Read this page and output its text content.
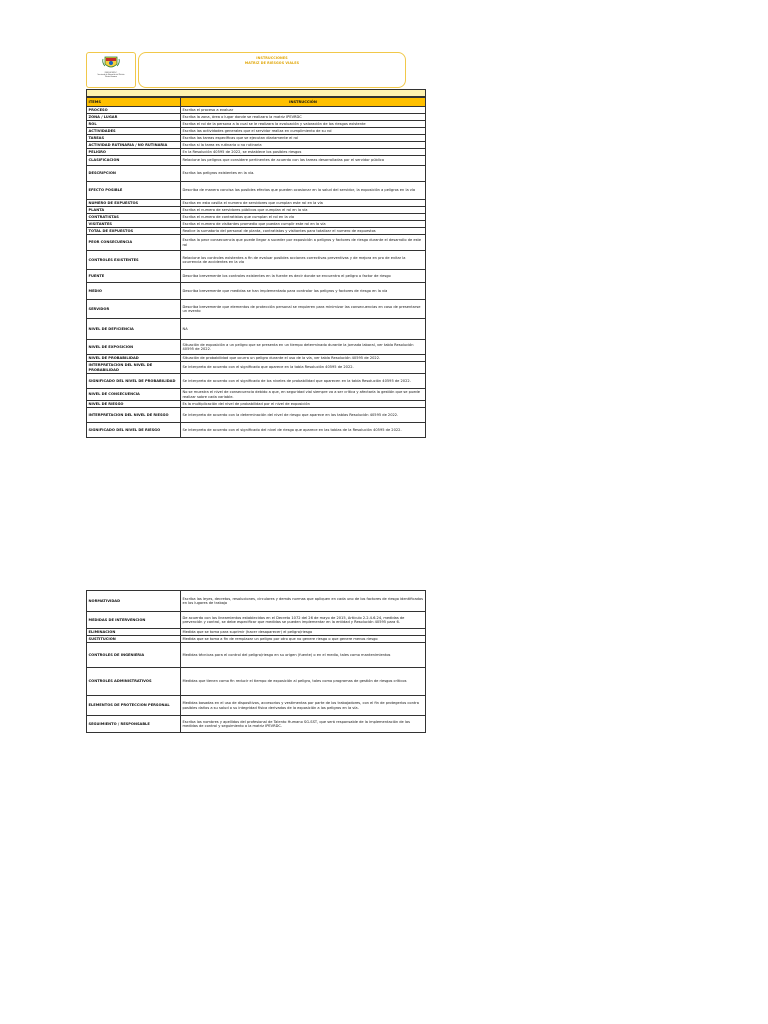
ALCALDÍA MAYOR
DE BOGOTÁ D.C.
Secretaría de Educación del Distrito
Talento Humano
INSTRUCCIONES
MATRIZ DE RIESGOS VIALES
ITEMS	INSTRUCCIÓN
PROCESO	Escriba el proceso a evaluar
ZONA / LUGAR	Escriba la zona, área o lugar donde se realizara la matriz IPEVRDC
ROL	Escriba el rol de la persona a la cual se le realizara la evaluación y valoración de los riesgos existente
ACTIVIDADES	Escriba las actividades generales que el servidor realiza en cumplimiento de su rol
TAREAS	Escriba las tareas específicas que se ejecutan diariamente el rol
ACTIVIDAD RUTINARIA / NO RUTINARIA	Escriba si la tarea es rutinaria o no rutinaria
PELIGRO	En la Resolución 40595 de 2022, se establece los posibles riesgos
CLASIFICACION	Relacione los peligros que considere pertinentes de acuerdo con las tareas desarrolladas por el servidor público
DESCRIPCION	Escriba los peligros existentes en la vía.
EFECTO POSIBLE	Describa de manera concisa los posibles efectos que pueden ocasionar en la salud del servidor, la exposición a peligros en la vía
NUMERO DE EXPUESTOS	Escriba en esta casilla el numero de servidores que cumplan este rol en la vía
PLANTA	Escriba el numero de servidores públicos que cumplan el rol en la vía
CONTRATISTAS	Escriba el numero de contratistas que cumplan el rol en la vía
VISITANTES	Escriba el numero de visitantes promedio que puedan cumplir este rol en la vía
TOTAL DE EXPUESTOS	Realice la sumatoria del personal de planta, contratistas y visitantes para totalizar el numero de expuestos
PEOR CONSECUENCIA	Escriba la peor consecuencia que puede llegar a suceder por exposición a peligros y factores de riesgo durante el desarrollo de este rol
CONTROLES EXISTENTES	Relacione los controles existentes a fin de evaluar posibles acciones correctivas preventivas y de mejora en pro de evitar la ocurrencia de accidentes en la vía
FUENTE	Describa brevemente los controles existentes en la fuente es decir donde se encuentra el peligro o factor de riesgo
MEDIO	Describa brevemente que medidas se han implementado para controlar los peligros y factores de riesgo en la vía
SERVIDOR	Describa brevemente que elementos de protección personal se requieren para minimizar las consecuencias en caso de presentarse un evento
NIVEL DE DEFICIENCIA	NA
NIVEL DE EXPOSICION	Situación de exposición a un peligro que se presenta en un tiempo determinado durante la jornada laboral, ver tabla Resolución 40595 de 2022.
NIVEL DE PROBABILIDAD	Situación de probabilidad que ocurra un peligro durante el uso de la vía, ver tabla Resolución 40595 de 2022.
INTERPRETACION DEL NIVEL DE PROBABILIDAD	Se interpreta de acuerdo con el significado que aparece en la tabla Resolución 40595 de 2022.
SIGNIFICADO DEL NIVEL DE PROBABILIDAD	Se interpreta de acuerdo con el significado de los niveles de probabilidad que aparecen en la tabla Resolución 40595 de 2022.
NIVEL DE CONSECUENCIA	No se muestra el nivel de consecuencia debido a que, en seguridad vial siempre va a ser crítica y afectaría la gestión que se puede realizar sobre cada variable.
NIVEL DE RIESGO	Es la multiplicación del nivel de probabilidad por el nivel de exposición
INTERPRETACION DEL NIVEL DE RIESGO	Se interpreta de acuerdo con la determinación del nivel de riesgo que aparece en las tablas Resolución 40595 de 2022.
SIGNIFICADO DEL NIVEL DE RIESGO	Se interpreta de acuerdo con el significado del nivel de riesgo que aparece en las tablas de la Resolución 40595 de 2022.
NORMATIVIDAD	Escriba las leyes, decretos, resoluciones, circulares y demás normas que apliquen en cada uno de los factores de riesgo identificados en los lugares de trabajo
MEDIDAS DE INTERVENCION	De acuerdo con los lineamientos establecidos en el Decreto 1072 del 26 de mayo de 2015, Artículo 2.2.4.6.24, medidas de prevención y control, se debe especificar que medidas se pueden implementar en la entidad y Resolución 40595 para 6.
ELIMINACION	Medida que se toma para suprimir (hacer desaparecer) el peligro/riesgo
SUSTITUCION	Medida que se toma a fin de remplazar un peligro por otro que no genere riesgo o que genere menos riesgo
CONTROLES DE INGENIERIA	Medidas técnicas para el control del peligro/riesgo en su origen (fuente) o en el medio, tales como mantenimientos
CONTROLES ADMINISTRATIVOS	Medidas que tienen como fin reducir el tiempo de exposición al peligro, tales como programas de gestión de riesgos críticos
ELEMENTOS DE PROTECCION PERSONAL	Medidas basadas en el uso de dispositivos, accesorios y vestimentas por parte de los trabajadores, con el fin de protegerlos contra posibles daños a su salud o su integridad física derivados de la exposición a los peligros en la vía.
SEGUIMIENTO / RESPONSABLE	Escriba los nombres y apellidos del profesional de Talento Humano SG-SST, que será responsable de la implementación de las medidas de control y seguimiento a la matriz IPEVRDC.
